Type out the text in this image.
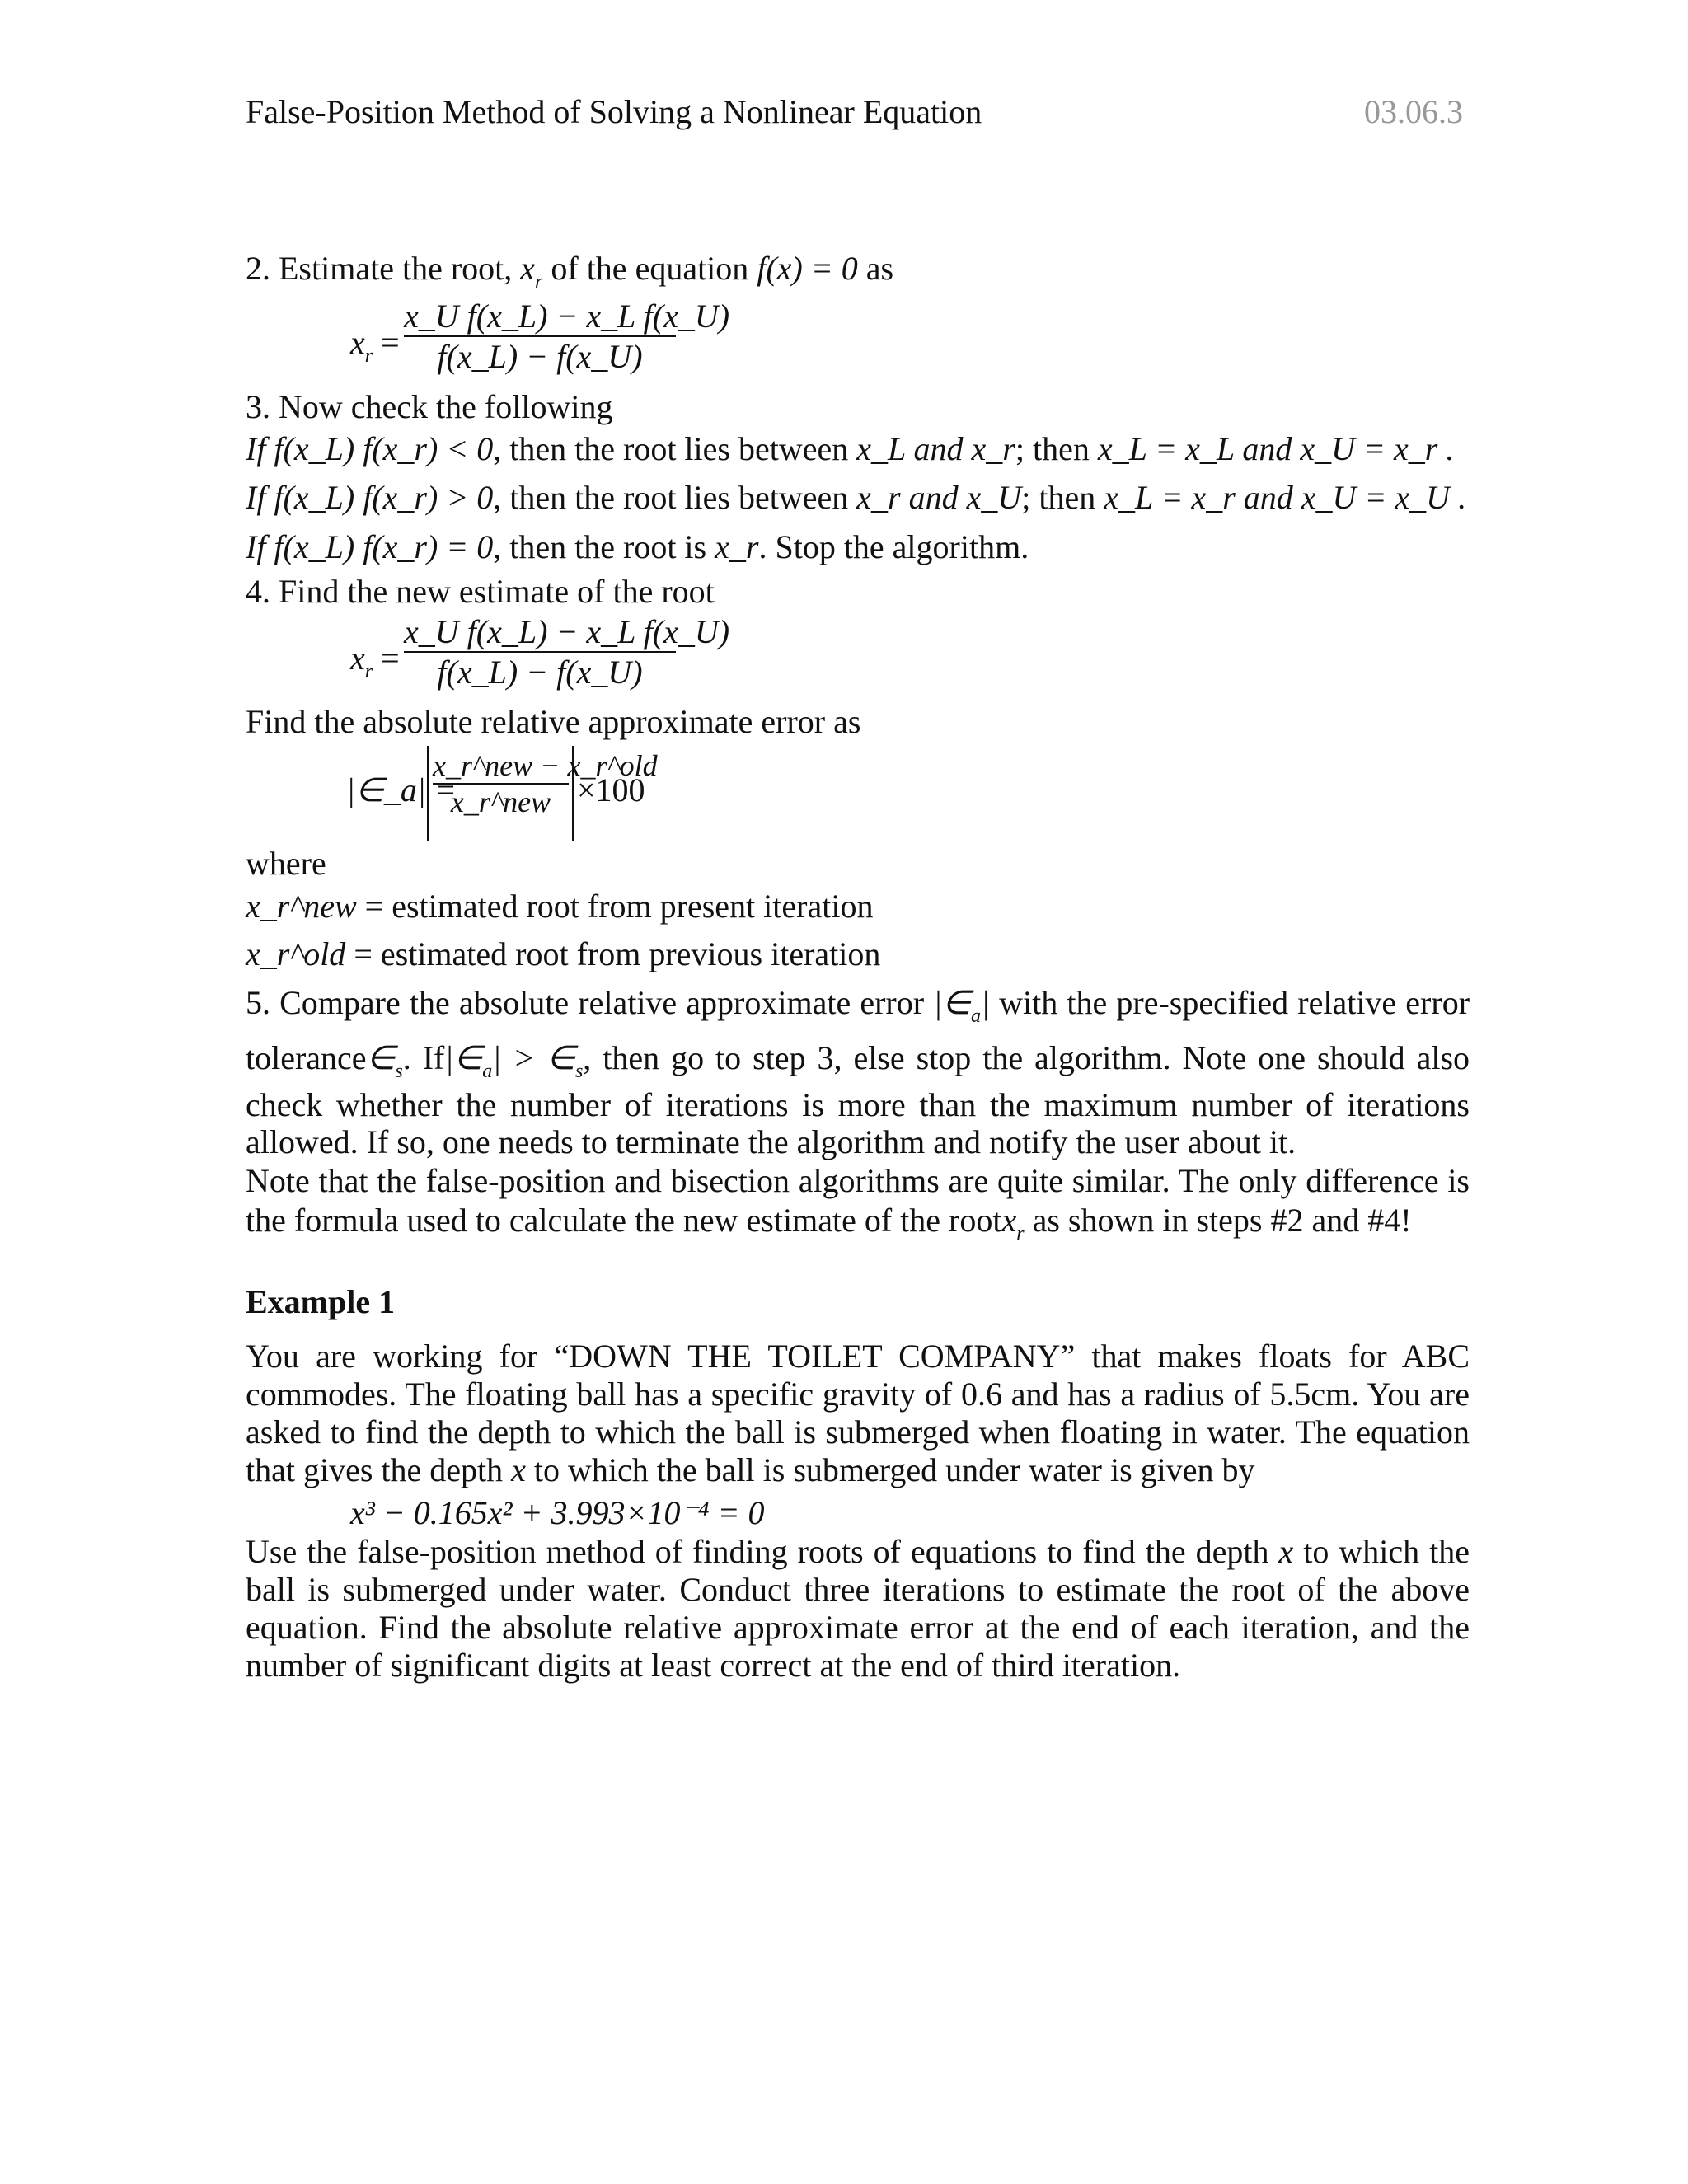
False-Position Method of Solving a Nonlinear Equation	03.06.3
2. Estimate the root, $x_r$ of the equation f(x) = 0 as
$x_r$ =
x_U f(x_L) − x_L f(x_U)
f(x_L) − f(x_U)
3. Now check the following
If f(x_L) f(x_r) < 0, then the root lies between x_L and x_r; then x_L = x_L and x_U = x_r .
If f(x_L) f(x_r) > 0, then the root lies between x_r and x_U; then x_L = x_r and x_U = x_U .
If f(x_L) f(x_r) = 0, then the root is x_r. Stop the algorithm.
4. Find the new estimate of the root
$x_r$ =
x_U f(x_L) − x_L f(x_U)
f(x_L) − f(x_U)
Find the absolute relative approximate error as
|∈_a| =
x_r^new − x_r^old
x_r^new ×100
where
x_r^new = estimated root from present iteration
x_r^old = estimated root from previous iteration
5. Compare the absolute relative approximate error $|\in_a|$ with the pre-specified relative error
$tolerance\in_s$. $If|\in_a|$ > $\in_s$, then go to step 3, else stop the algorithm. Note one should also
check whether the number of iterations is more than the maximum number of iterations
allowed. If so, one needs to terminate the algorithm and notify the user about it.
Note that the false-position and bisection algorithms are quite similar. The only difference is
the formula used to calculate the new estimate of the rootx$_r$ as shown in steps #2 and #4!
Example 1
You are working for “DOWN THE TOILET COMPANY” that makes floats for ABC
commodes. The floating ball has a specific gravity of 0.6 and has a radius of 5.5cm. You are
asked to find the depth to which the ball is submerged when floating in water. The equation
that gives the depth x to which the ball is submerged under water is given by
x³ − 0.165x² + 3.993×10⁻⁴ = 0
Use the false-position method of finding roots of equations to find the depth x to which the
ball is submerged under water. Conduct three iterations to estimate the root of the above
equation. Find the absolute relative approximate error at the end of each iteration, and the
number of significant digits at least correct at the end of third iteration.
